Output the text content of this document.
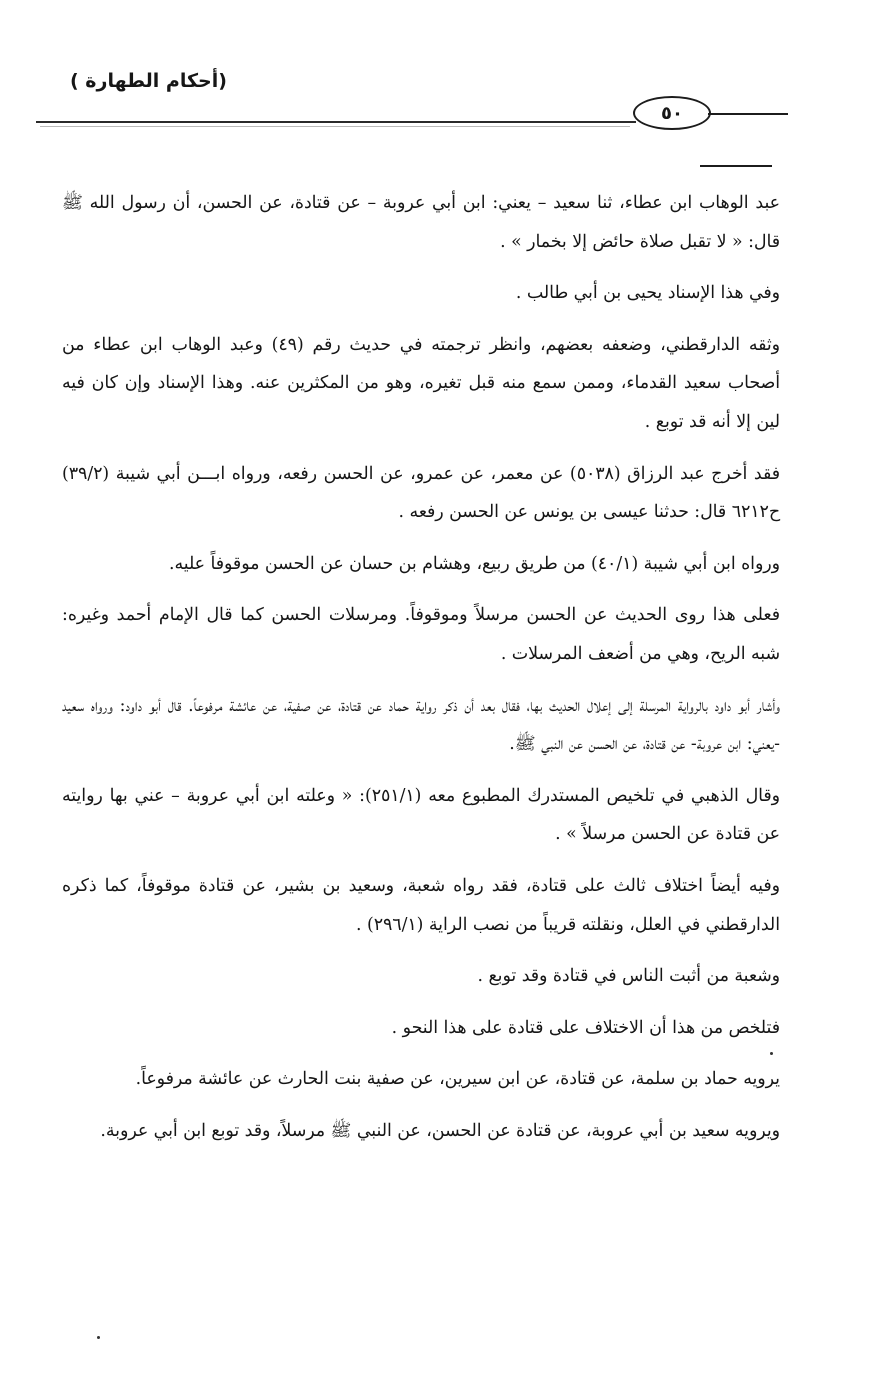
(أحكام الطهارة )
٥٠

عبد الوهاب ابن عطاء، ثنا سعيد – يعني: ابن أبي عروبة – عن قتادة، عن الحسن، أن رسول الله ﷺ قال: « لا تقبل صلاة حائض إلا بخمار » .

وفي هذا الإسناد يحيى بن أبي طالب .

وثقه الدارقطني، وضعفه بعضهم، وانظر ترجمته في حديث رقم (٤٩) وعبد الوهاب ابن عطاء من أصحاب سعيد القدماء، وممن سمع منه قبل تغيره، وهو من المكثرين عنه. وهذا الإسناد وإن كان فيه لين إلا أنه قد توبع .

فقد أخرج عبد الرزاق (٥٠٣٨) عن معمر، عن عمرو، عن الحسن رفعه، ورواه ابـــن أبي شيبة (٣٩/٢) ح٦٢١٢ قال: حدثنا عيسى بن يونس عن الحسن رفعه .

ورواه ابن أبي شيبة (٤٠/١) من طريق ربيع، وهشام بن حسان عن الحسن موقوفاً عليه.

فعلى هذا روى الحديث عن الحسن مرسلاً وموقوفاً. ومرسلات الحسن كما قال الإمام أحمد وغيره: شبه الريح، وهي من أضعف المرسلات .

وأشار أبو داود بالرواية المرسلة إلى إعلال الحديث بها، فقال بعد أن ذكر رواية حماد عن قتادة، عن صفية، عن عائشة مرفوعاً. قال أبو داود: ورواه سعيد -يعني: ابن عروبة- عن قتادة، عن الحسن عن النبي ﷺ.

وقال الذهبي في تلخيص المستدرك المطبوع معه (٢٥١/١): « وعلته ابن أبي عروبة – عني بها روايته عن قتادة عن الحسن مرسلاً » .

وفيه أيضاً اختلاف ثالث على قتادة، فقد رواه شعبة، وسعيد بن بشير، عن قتادة موقوفاً، كما ذكره الدارقطني في العلل، ونقلته قريباً من نصب الراية (٢٩٦/١) .

وشعبة من أثبت الناس في قتادة وقد توبع .

فتلخص من هذا أن الاختلاف على قتادة على هذا النحو .

يرويه حماد بن سلمة، عن قتادة، عن ابن سيرين، عن صفية بنت الحارث عن عائشة مرفوعاً.

ويرويه سعيد بن أبي عروبة، عن قتادة عن الحسن، عن النبي ﷺ مرسلاً، وقد توبع ابن أبي عروبة.
